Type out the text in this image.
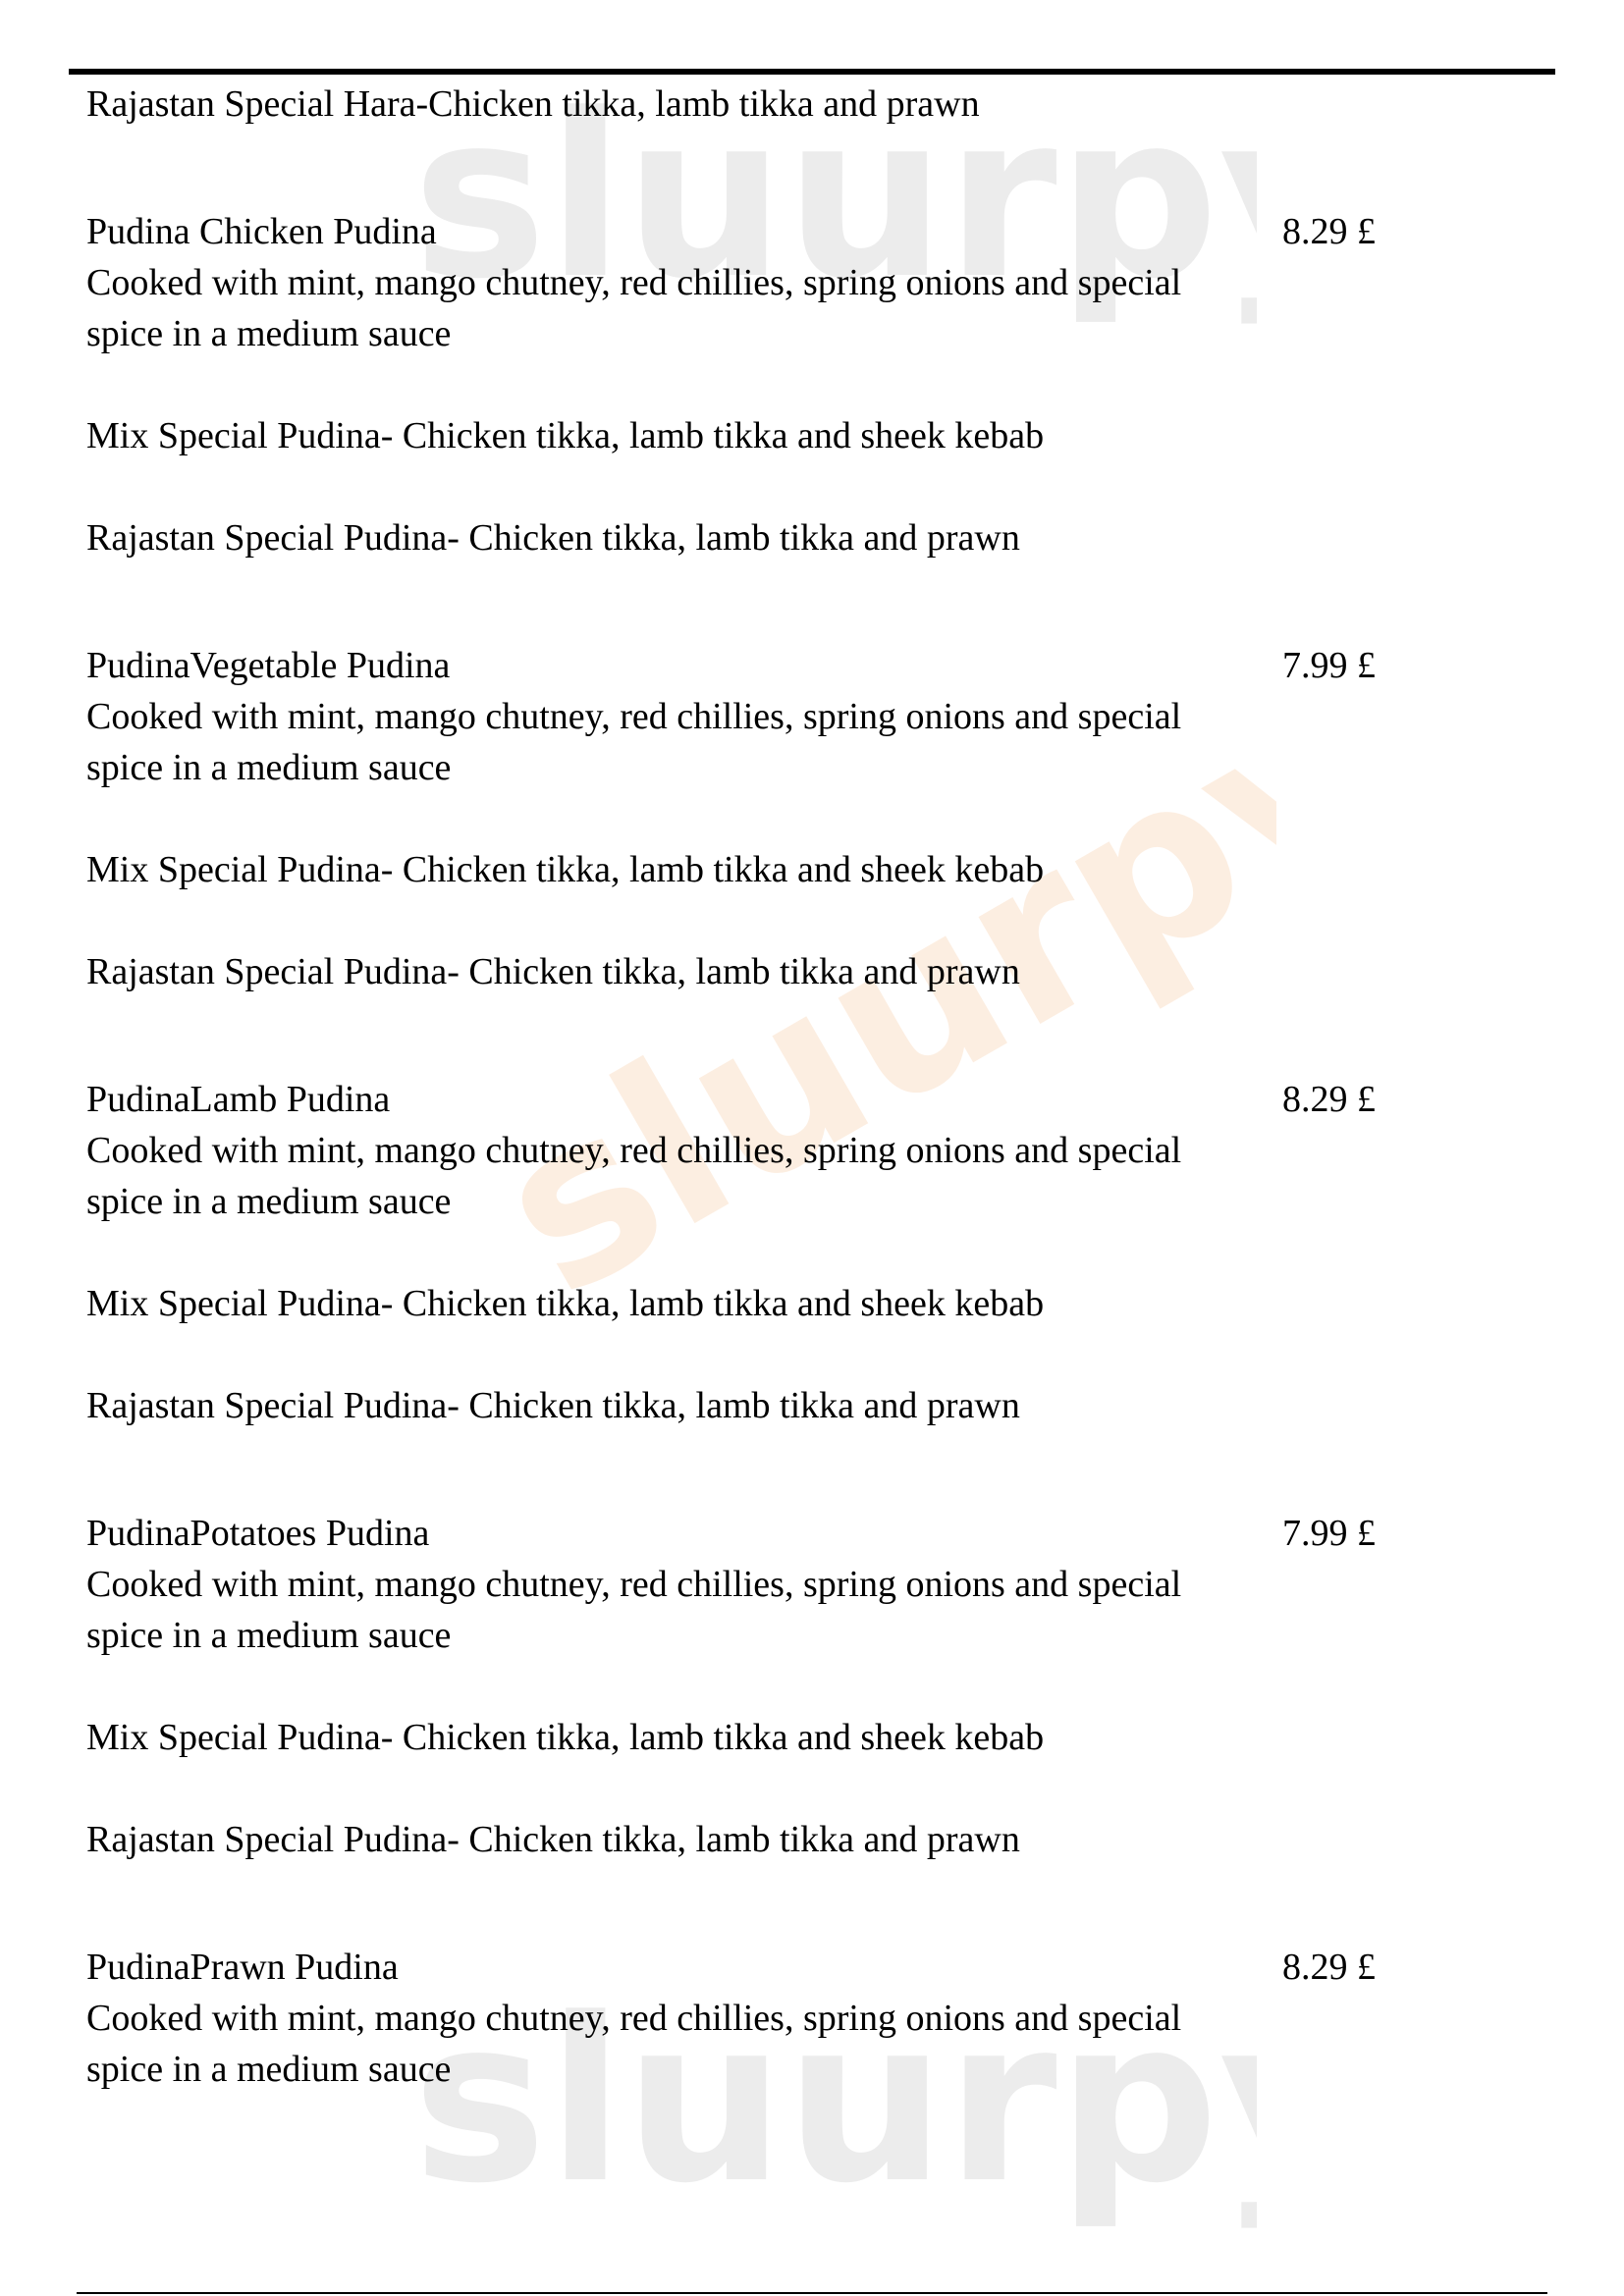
sluurp
sluurpy
sluurp
Rajastan Special Hara-Chicken tikka, lamb tikka and prawn
Pudina Chicken Pudina	8.29 £
Cooked with mint, mango chutney, red chillies, spring onions and special spice in a medium sauce
Mix Special Pudina- Chicken tikka, lamb tikka and sheek kebab
Rajastan Special Pudina- Chicken tikka, lamb tikka and prawn
PudinaVegetable Pudina	7.99 £
Cooked with mint, mango chutney, red chillies, spring onions and special spice in a medium sauce
Mix Special Pudina- Chicken tikka, lamb tikka and sheek kebab
Rajastan Special Pudina- Chicken tikka, lamb tikka and prawn
PudinaLamb Pudina	8.29 £
Cooked with mint, mango chutney, red chillies, spring onions and special spice in a medium sauce
Mix Special Pudina- Chicken tikka, lamb tikka and sheek kebab
Rajastan Special Pudina- Chicken tikka, lamb tikka and prawn
PudinaPotatoes Pudina	7.99 £
Cooked with mint, mango chutney, red chillies, spring onions and special spice in a medium sauce
Mix Special Pudina- Chicken tikka, lamb tikka and sheek kebab
Rajastan Special Pudina- Chicken tikka, lamb tikka and prawn
PudinaPrawn Pudina	8.29 £
Cooked with mint, mango chutney, red chillies, spring onions and special spice in a medium sauce
